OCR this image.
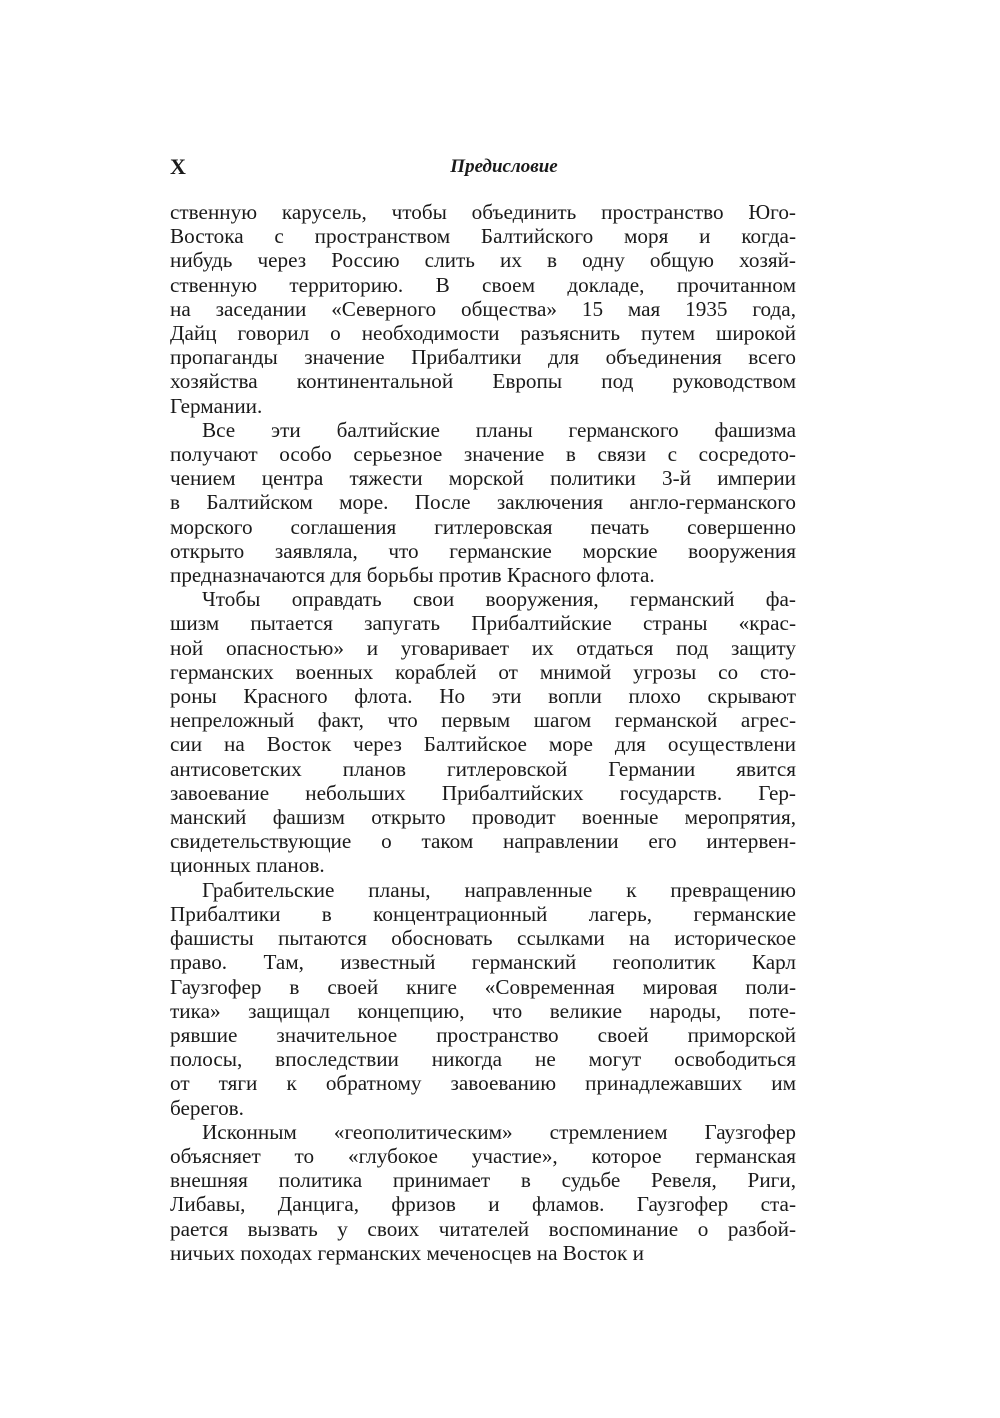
X	Предисловие

ственную карусель, чтобы объединить пространство Юго-
Востока с пространством Балтийского моря и когда-
нибудь через Россию слить их в одну общую хозяй-
ственную территорию. В своем докладе, прочитанном
на заседании «Северного общества» 15 мая 1935 года,
Дайц говорил о необходимости разъяснить путем широкой
пропаганды значение Прибалтики для объединения всего
хозяйства континентальной Европы под руководством
Германии.

Все эти балтийские планы германского фашизма
получают особо серьезное значение в связи с сосредото-
чением центра тяжести морской политики 3-й империи
в Балтийском море. После заключения англо-германского
морского соглашения гитлеровская печать совершенно
открыто заявляла, что германские морские вооружения
предназначаются для борьбы против Красного флота.

Чтобы оправдать свои вооружения, германский фа-
шизм пытается запугать Прибалтийские страны «крас-
ной опасностью» и уговаривает их отдаться под защиту
германских военных кораблей от мнимой угрозы со сто-
роны Красного флота. Но эти вопли плохо скрывают
непреложный факт, что первым шагом германской агрес-
сии на Восток через Балтийское море для осуществлени
антисоветских планов гитлеровской Германии явится
завоевание небольших Прибалтийских государств. Гер-
манский фашизм открыто проводит военные меропрятия,
свидетельствующие о таком направлении его интервен-
ционных планов.

Грабительские планы, направленные к превращению
Прибалтики в концентрационный лагерь, германские
фашисты пытаются обосновать ссылками на историческое
право. Там, известный германский геополитик Карл
Гаузгофер в своей книге «Современная мировая поли-
тика» защищал концепцию, что великие народы, поте-
рявшие значительное пространство своей приморской
полосы, впоследствии никогда не могут освободиться
от тяги к обратному завоеванию принадлежавших им
берегов.

Исконным «геополитическим» стремлением Гаузгофер
объясняет то «глубокое участие», которое германская
внешняя политика принимает в судьбе Ревеля, Риги,
Либавы, Данцига, фризов и фламов. Гаузгофер ста-
рается вызвать у своих читателей воспоминание о разбой-
ничьих походах германских меченосцев на Восток и
